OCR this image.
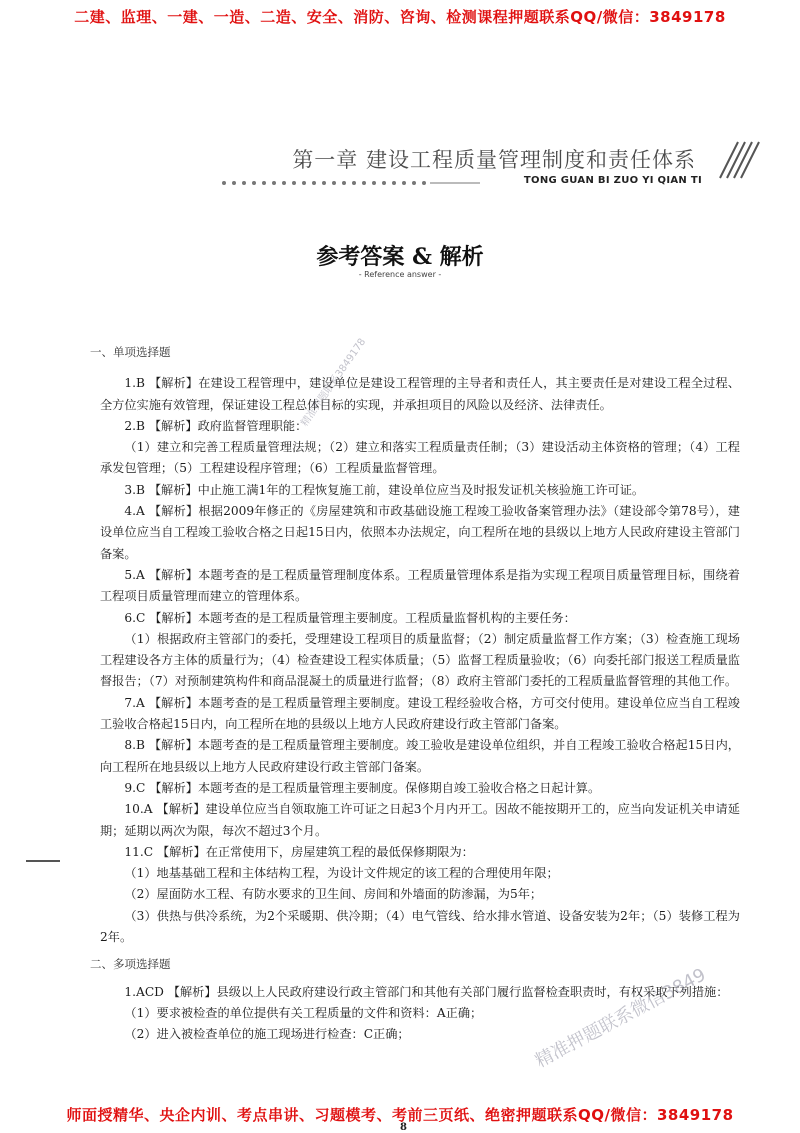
二建、监理、一建、一造、二造、安全、消防、咨询、检测课程押题联系QQ/微信：3849178
第一章 建设工程质量管理制度和责任体系
TONG GUAN BI ZUO YI QIAN TI
参考答案 & 解析
- Reference answer -

一、单项选择题

1.B 【解析】在建设工程管理中，建设单位是建设工程管理的主导者和责任人，其主要责任是对建设工程全过程、全方位实施有效管理，保证建设工程总体目标的实现，并承担项目的风险以及经济、法律责任。

2.B 【解析】政府监督管理职能：

（1）建立和完善工程质量管理法规；（2）建立和落实工程质量责任制；（3）建设活动主体资格的管理；（4）工程承发包管理；（5）工程建设程序管理；（6）工程质量监督管理。

3.B 【解析】中止施工满1年的工程恢复施工前，建设单位应当及时报发证机关核验施工许可证。

4.A 【解析】根据2009年修正的《房屋建筑和市政基础设施工程竣工验收备案管理办法》（建设部令第78号），建设单位应当自工程竣工验收合格之日起15日内，依照本办法规定，向工程所在地的县级以上地方人民政府建设主管部门备案。

5.A 【解析】本题考查的是工程质量管理制度体系。工程质量管理体系是指为实现工程项目质量管理目标，围绕着工程项目质量管理而建立的管理体系。

6.C 【解析】本题考查的是工程质量管理主要制度。工程质量监督机构的主要任务：

（1）根据政府主管部门的委托，受理建设工程项目的质量监督；（2）制定质量监督工作方案；（3）检查施工现场工程建设各方主体的质量行为；（4）检查建设工程实体质量；（5）监督工程质量验收；（6）向委托部门报送工程质量监督报告；（7）对预制建筑构件和商品混凝土的质量进行监督；（8）政府主管部门委托的工程质量监督管理的其他工作。

7.A 【解析】本题考查的是工程质量管理主要制度。建设工程经验收合格，方可交付使用。建设单位应当自工程竣工验收合格起15日内，向工程所在地的县级以上地方人民政府建设行政主管部门备案。

8.B 【解析】本题考查的是工程质量管理主要制度。竣工验收是建设单位组织，并自工程竣工验收合格起15日内，向工程所在地县级以上地方人民政府建设行政主管部门备案。

9.C 【解析】本题考查的是工程质量管理主要制度。保修期自竣工验收合格之日起计算。

10.A 【解析】建设单位应当自领取施工许可证之日起3个月内开工。因故不能按期开工的，应当向发证机关申请延期；延期以两次为限，每次不超过3个月。

11.C 【解析】在正常使用下，房屋建筑工程的最低保修期限为：

（1）地基基础工程和主体结构工程，为设计文件规定的该工程的合理使用年限；

（2）屋面防水工程、有防水要求的卫生间、房间和外墙面的防渗漏，为5年；

（3）供热与供冷系统，为2个采暖期、供冷期；（4）电气管线、给水排水管道、设备安装为2年；（5）装修工程为2年。

二、多项选择题

1.ACD 【解析】县级以上人民政府建设行政主管部门和其他有关部门履行监督检查职责时，有权采取下列措施：

（1）要求被检查的单位提供有关工程质量的文件和资料：A正确；

（2）进入被检查单位的施工现场进行检查：C正确；

精准押题联系3849178
精准押题联系微信3849
8
师面授精华、央企内训、考点串讲、习题模考、考前三页纸、绝密押题联系QQ/微信：3849178
